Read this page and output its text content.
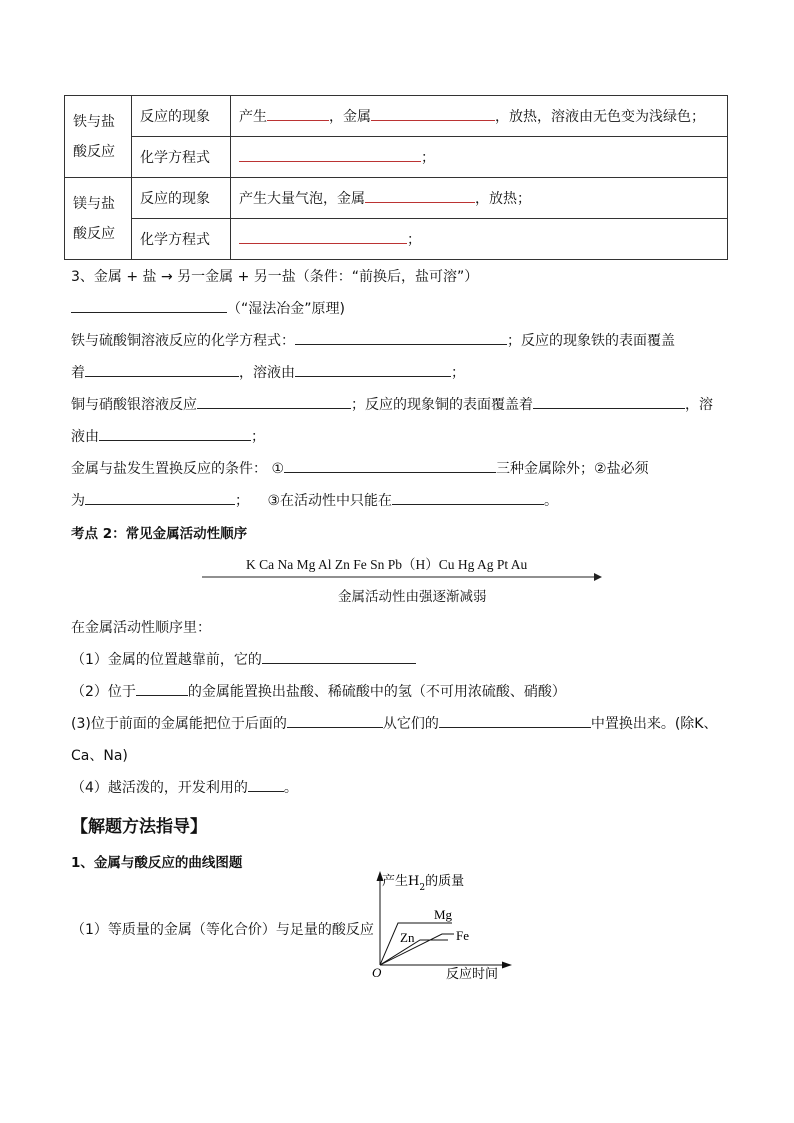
铁与盐酸反应	反应的现象	产生 ，金属 ，放热，溶液由无色变为浅绿色；
	化学方程式	；
镁与盐酸反应	反应的现象	产生大量气泡，金属 ，放热；
	化学方程式	；
3、金属 + 盐 → 另一金属 + 另一盐（条件：“前换后，盐可溶”）
（“湿法冶金”原理)
铁与硫酸铜溶液反应的化学方程式：	；反应的现象铁的表面覆盖
着	，溶液由	；
铜与硝酸银溶液反应	；反应的现象铜的表面覆盖着	，溶
液由	；
金属与盐发生置换反应的条件： ①	三种金属除外；②盐必须
为	； ③在活动性中只能在	。
考点 2：常见金属活动性顺序
K Ca Na Mg Al Zn Fe Sn Pb（H）Cu Hg Ag Pt Au
金属活动性由强逐渐减弱
在金属活动性顺序里：
（1）金属的位置越靠前，它的
（2）位于	的金属能置换出盐酸、稀硫酸中的氢（不可用浓硫酸、硝酸）
(3)位于前面的金属能把位于后面的	从它们的	中置换出来。(除K、
Ca、Na)
（4）越活泼的，开发利用的	。
【解题方法指导】
1、金属与酸反应的曲线图题
（1）等质量的金属（等化合价）与足量的酸反应
产生$H_2$的质量
反应时间
O
Mg
Zn	Fe
